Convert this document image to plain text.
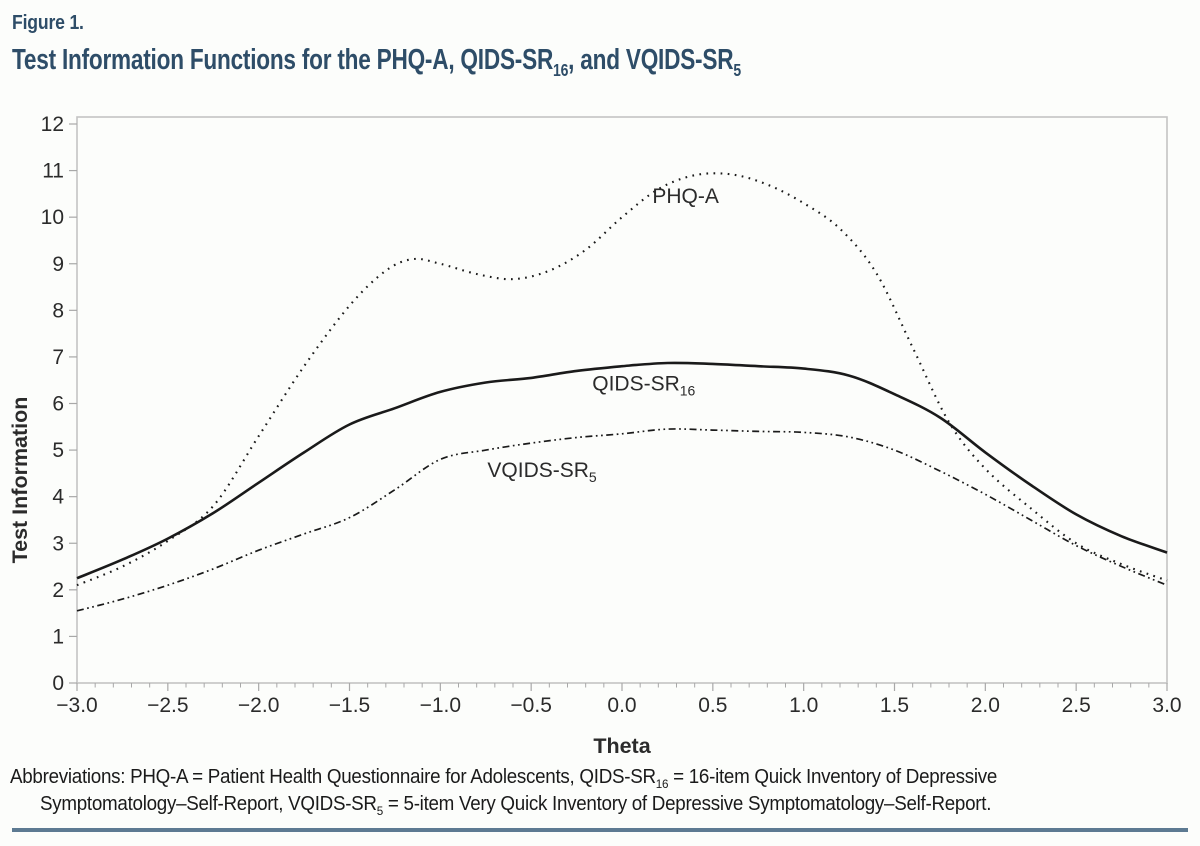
Figure 1.
Test Information Functions for the PHQ-A, QIDS-$SR_{16}$, and VQIDS-$SR_5$
0
1
2
3
4
5
6
7
8
9
10
11
12
−3.0 −2.5 −2.0 −1.5 −1.0 −0.5	0.0	0.5	1.0	1.5	2.0	2.5	3.0
Theta
Test Information
PHQ-A
QIDS-$SR_{16}$
VQIDS-$SR_5$

Abbreviations: PHQ-A = Patient Health Questionnaire for Adolescents, QIDS-$SR_{16}$ = 16-item Quick Inventory of Depressive

Symptomatology–Self-Report, VQIDS-$SR_5$ = 5-item Very Quick Inventory of Depressive Symptomatology–Self-Report.
